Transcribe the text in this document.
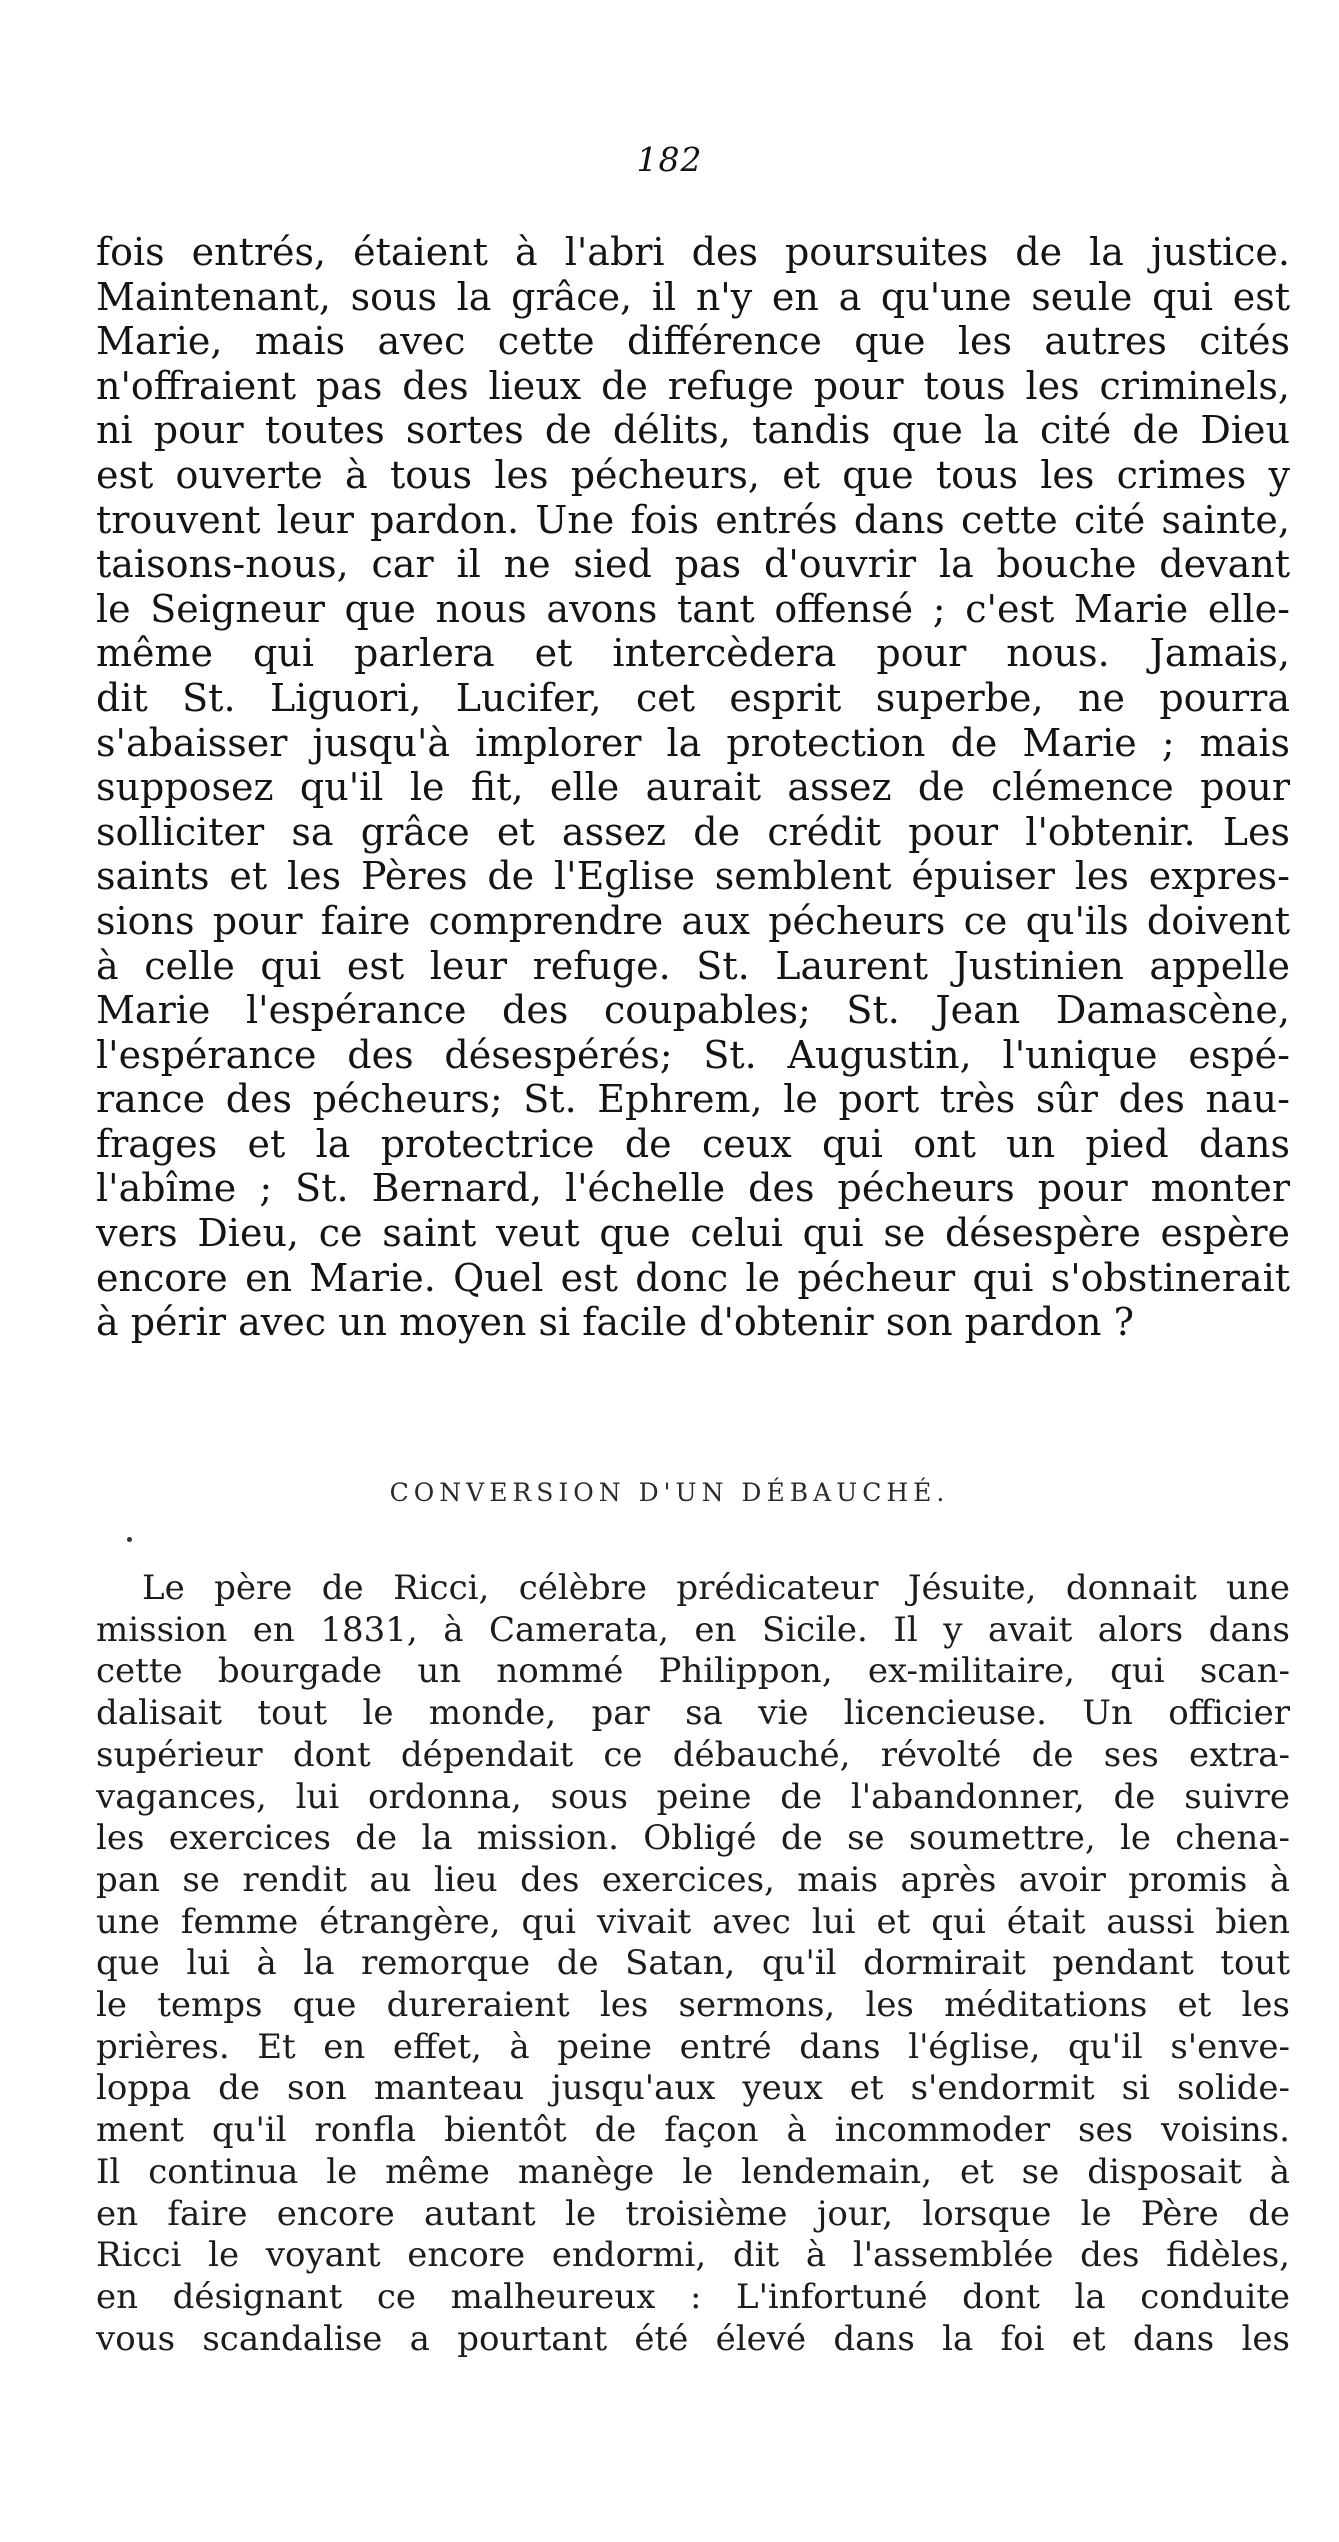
182
fois entrés, étaient à l'abri des poursuites de la justice.
Maintenant, sous la grâce, il n'y en a qu'une seule qui est
Marie, mais avec cette différence que les autres cités
n'offraient pas des lieux de refuge pour tous les criminels,
ni pour toutes sortes de délits, tandis que la cité de Dieu
est ouverte à tous les pécheurs, et que tous les crimes y
trouvent leur pardon. Une fois entrés dans cette cité sainte,
taisons-nous, car il ne sied pas d'ouvrir la bouche devant
le Seigneur que nous avons tant offensé ; c'est Marie elle-
même qui parlera et intercèdera pour nous. Jamais,
dit St. Liguori, Lucifer, cet esprit superbe, ne pourra
s'abaisser jusqu'à implorer la protection de Marie ; mais
supposez qu'il le fit, elle aurait assez de clémence pour
solliciter sa grâce et assez de crédit pour l'obtenir. Les
saints et les Pères de l'Eglise semblent épuiser les expres-
sions pour faire comprendre aux pécheurs ce qu'ils doivent
à celle qui est leur refuge. St. Laurent Justinien appelle
Marie l'espérance des coupables; St. Jean Damascène,
l'espérance des désespérés; St. Augustin, l'unique espé-
rance des pécheurs; St. Ephrem, le port très sûr des nau-
frages et la protectrice de ceux qui ont un pied dans
l'abîme ; St. Bernard, l'échelle des pécheurs pour monter
vers Dieu, ce saint veut que celui qui se désespère espère
encore en Marie. Quel est donc le pécheur qui s'obstinerait
à périr avec un moyen si facile d'obtenir son pardon ?
CONVERSION D'UN DÉBAUCHÉ.
Le père de Ricci, célèbre prédicateur Jésuite, donnait une
mission en 1831, à Camerata, en Sicile. Il y avait alors dans
cette bourgade un nommé Philippon, ex-militaire, qui scan-
dalisait tout le monde, par sa vie licencieuse. Un officier
supérieur dont dépendait ce débauché, révolté de ses extra-
vagances, lui ordonna, sous peine de l'abandonner, de suivre
les exercices de la mission. Obligé de se soumettre, le chena-
pan se rendit au lieu des exercices, mais après avoir promis à
une femme étrangère, qui vivait avec lui et qui était aussi bien
que lui à la remorque de Satan, qu'il dormirait pendant tout
le temps que dureraient les sermons, les méditations et les
prières. Et en effet, à peine entré dans l'église, qu'il s'enve-
loppa de son manteau jusqu'aux yeux et s'endormit si solide-
ment qu'il ronfla bientôt de façon à incommoder ses voisins.
Il continua le même manège le lendemain, et se disposait à
en faire encore autant le troisième jour, lorsque le Père de
Ricci le voyant encore endormi, dit à l'assemblée des fidèles,
en désignant ce malheureux : L'infortuné dont la conduite
vous scandalise a pourtant été élevé dans la foi et dans les
